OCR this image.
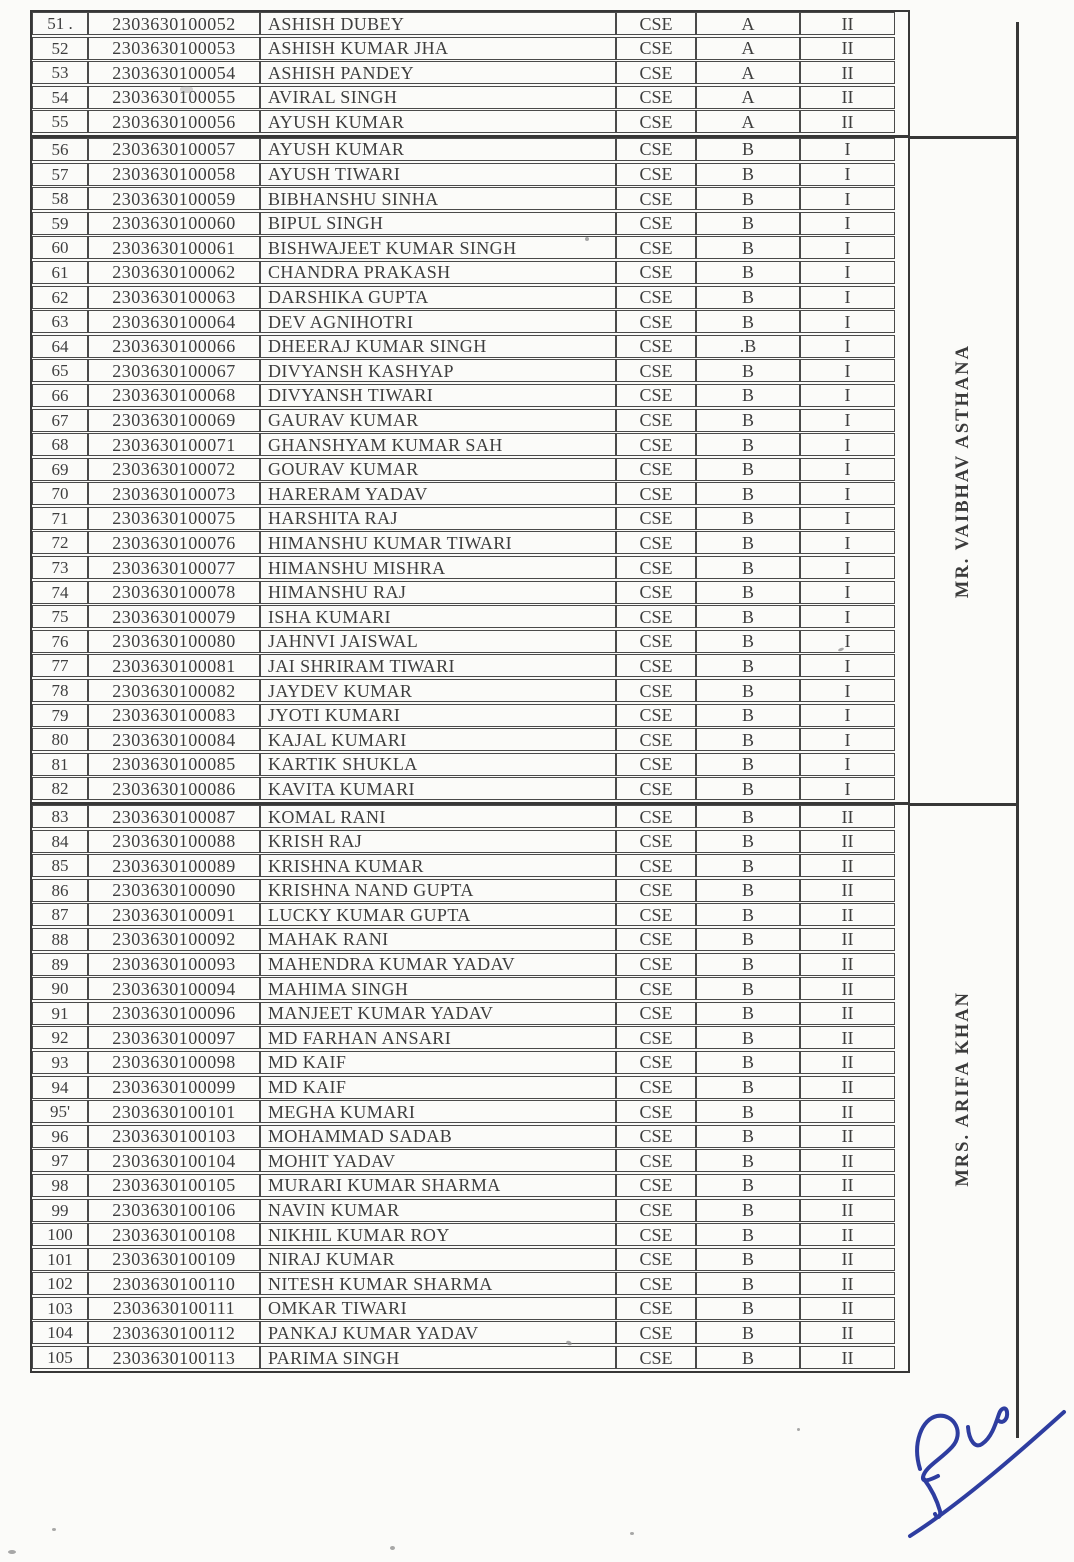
51 .	2303630100052	ASHISH DUBEY	CSE	A	II
52	2303630100053	ASHISH KUMAR JHA	CSE	A	II
53	2303630100054	ASHISH PANDEY	CSE	A	II
54	2303630100055	AVIRAL SINGH	CSE	A	II
55	2303630100056	AYUSH KUMAR	CSE	A	II
56	2303630100057	AYUSH KUMAR	CSE	B	I
57	2303630100058	AYUSH TIWARI	CSE	B	I
58	2303630100059	BIBHANSHU SINHA	CSE	B	I
59	2303630100060	BIPUL SINGH	CSE	B	I
60	2303630100061	BISHWAJEET KUMAR SINGH	CSE	B	I
61	2303630100062	CHANDRA PRAKASH	CSE	B	I
62	2303630100063	DARSHIKA GUPTA	CSE	B	I
63	2303630100064	DEV AGNIHOTRI	CSE	B	I
64	2303630100066	DHEERAJ KUMAR SINGH	CSE	.B	I
65	2303630100067	DIVYANSH KASHYAP	CSE	B	I
66	2303630100068	DIVYANSH TIWARI	CSE	B	I
67	2303630100069	GAURAV KUMAR	CSE	B	I
68	2303630100071	GHANSHYAM KUMAR SAH	CSE	B	I
69	2303630100072	GOURAV KUMAR	CSE	B	I
70	2303630100073	HARERAM YADAV	CSE	B	I
71	2303630100075	HARSHITA RAJ	CSE	B	I
72	2303630100076	HIMANSHU KUMAR TIWARI	CSE	B	I
73	2303630100077	HIMANSHU MISHRA	CSE	B	I
74	2303630100078	HIMANSHU RAJ	CSE	B	I
75	2303630100079	ISHA KUMARI	CSE	B	I
76	2303630100080	JAHNVI JAISWAL	CSE	B	I
77	2303630100081	JAI SHRIRAM TIWARI	CSE	B	I
78	2303630100082	JAYDEV KUMAR	CSE	B	I
79	2303630100083	JYOTI KUMARI	CSE	B	I
80	2303630100084	KAJAL KUMARI	CSE	B	I
81	2303630100085	KARTIK SHUKLA	CSE	B	I
82	2303630100086	KAVITA KUMARI	CSE	B	I
83	2303630100087	KOMAL RANI	CSE	B	II
84	2303630100088	KRISH RAJ	CSE	B	II
85	2303630100089	KRISHNA KUMAR	CSE	B	II
86	2303630100090	KRISHNA NAND GUPTA	CSE	B	II
87	2303630100091	LUCKY KUMAR GUPTA	CSE	B	II
88	2303630100092	MAHAK RANI	CSE	B	II
89	2303630100093	MAHENDRA KUMAR YADAV	CSE	B	II
90	2303630100094	MAHIMA SINGH	CSE	B	II
91	2303630100096	MANJEET KUMAR YADAV	CSE	B	II
92	2303630100097	MD FARHAN ANSARI	CSE	B	II
93	2303630100098	MD KAIF	CSE	B	II
94	2303630100099	MD KAIF	CSE	B	II
95'	2303630100101	MEGHA KUMARI	CSE	B	II
96	2303630100103	MOHAMMAD SADAB	CSE	B	II
97	2303630100104	MOHIT YADAV	CSE	B	II
98	2303630100105	MURARI KUMAR SHARMA	CSE	B	II
99	2303630100106	NAVIN KUMAR	CSE	B	II
100	2303630100108	NIKHIL KUMAR ROY	CSE	B	II
101	2303630100109	NIRAJ KUMAR	CSE	B	II
102	2303630100110	NITESH KUMAR SHARMA	CSE	B	II
103	2303630100111	OMKAR TIWARI	CSE	B	II
104	2303630100112	PANKAJ KUMAR YADAV	CSE	B	II
105	2303630100113	PARIMA SINGH	CSE	B	II
MR. VAIBHAV ASTHANA
MRS. ARIFA KHAN
